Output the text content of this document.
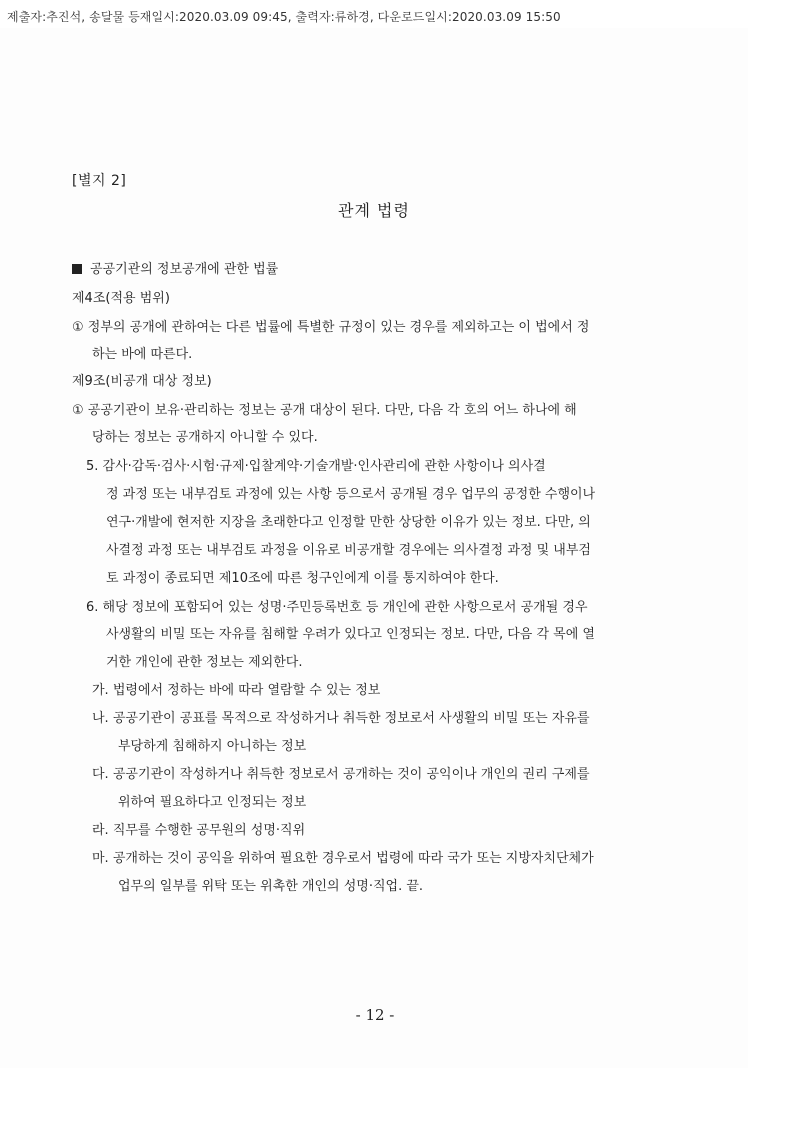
제출자:추진석, 송달물 등재일시:2020.03.09 09:45, 출력자:류하경, 다운로드일시:2020.03.09 15:50
[별지 2]
관계 법령
공공기관의 정보공개에 관한 법률
제4조(적용 범위)
① 정부의 공개에 관하여는 다른 법률에 특별한 규정이 있는 경우를 제외하고는 이 법에서 정
하는 바에 따른다.
제9조(비공개 대상 정보)
① 공공기관이 보유·관리하는 정보는 공개 대상이 된다. 다만, 다음 각 호의 어느 하나에 해
당하는 정보는 공개하지 아니할 수 있다.
5. 감사·감독·검사·시험·규제·입찰계약·기술개발·인사관리에 관한 사항이나 의사결
정 과정 또는 내부검토 과정에 있는 사항 등으로서 공개될 경우 업무의 공정한 수행이나
연구·개발에 현저한 지장을 초래한다고 인정할 만한 상당한 이유가 있는 정보. 다만, 의
사결정 과정 또는 내부검토 과정을 이유로 비공개할 경우에는 의사결정 과정 및 내부검
토 과정이 종료되면 제10조에 따른 청구인에게 이를 통지하여야 한다.
6. 해당 정보에 포함되어 있는 성명·주민등록번호 등 개인에 관한 사항으로서 공개될 경우
사생활의 비밀 또는 자유를 침해할 우려가 있다고 인정되는 정보. 다만, 다음 각 목에 열
거한 개인에 관한 정보는 제외한다.
가. 법령에서 정하는 바에 따라 열람할 수 있는 정보
나. 공공기관이 공표를 목적으로 작성하거나 취득한 정보로서 사생활의 비밀 또는 자유를
부당하게 침해하지 아니하는 정보
다. 공공기관이 작성하거나 취득한 정보로서 공개하는 것이 공익이나 개인의 권리 구제를
위하여 필요하다고 인정되는 정보
라. 직무를 수행한 공무원의 성명·직위
마. 공개하는 것이 공익을 위하여 필요한 경우로서 법령에 따라 국가 또는 지방자치단체가
업무의 일부를 위탁 또는 위촉한 개인의 성명·직업. 끝.
- 12 -
